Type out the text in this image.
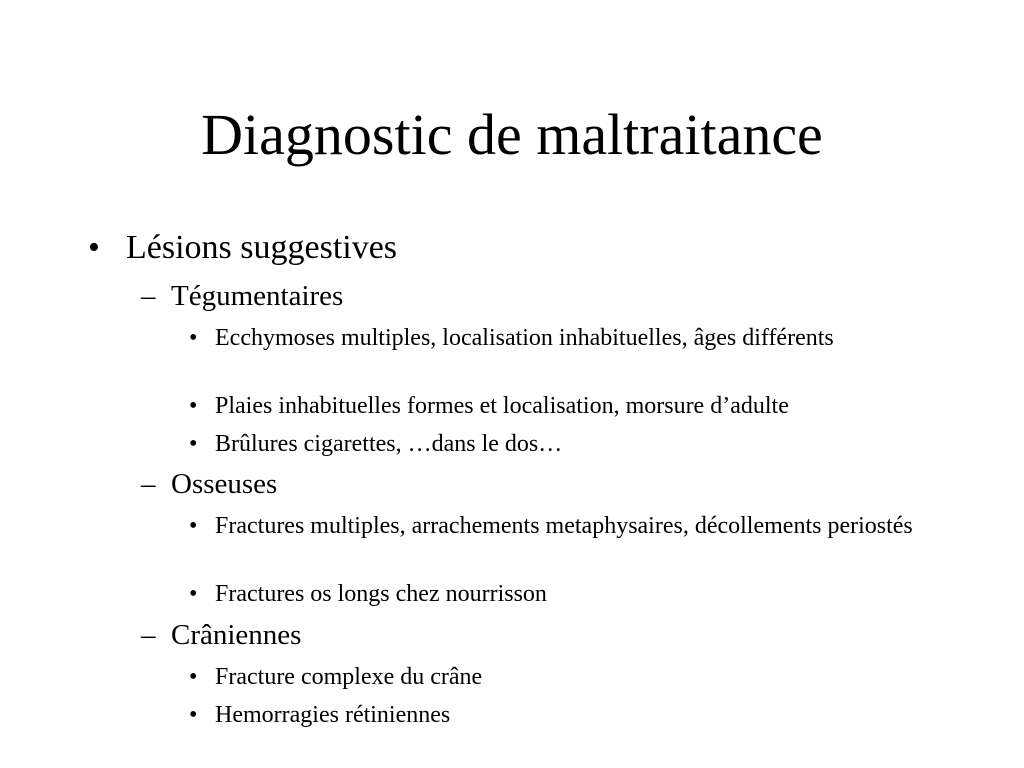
Diagnostic de maltraitance
• Lésions suggestives
– Tégumentaires
• Ecchymoses multiples, localisation inhabituelles, âges différents
• Plaies inhabituelles formes et localisation, morsure d’adulte
• Brûlures cigarettes, …dans le dos…
– Osseuses
• Fractures multiples, arrachements metaphysaires, décollements periostés
• Fractures os longs chez nourrisson
– Crâniennes
• Fracture complexe du crâne
• Hemorragies rétiniennes
